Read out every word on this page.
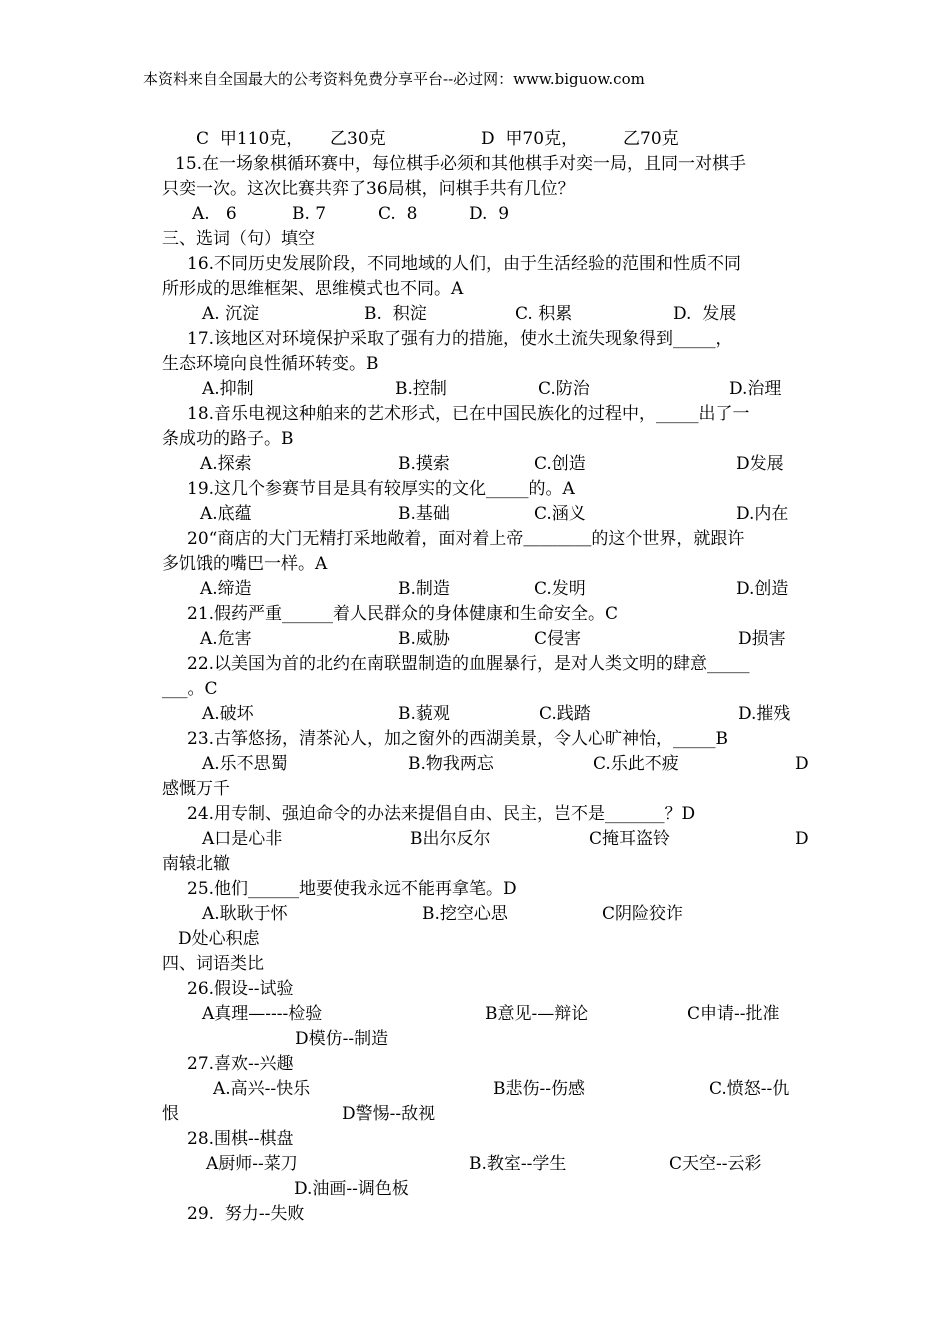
本资料来自全国最大的公考资料免费分享平台--必过网：www.biguow.com
C  甲110克， 乙30克	D  甲70克，	乙70克
15.在一场象棋循环赛中，每位棋手必须和其他棋手对奕一局，且同一对棋手
只奕一次。这次比赛共弈了36局棋，问棋手共有几位？
A.   6	B. 7	C.  8	D.  9
三、选词（句）填空
16.不同历史发展阶段，不同地域的人们，由于生活经验的范围和性质不同
所形成的思维框架、思维模式也不同。A
A. 沉淀	B.  积淀	C. 积累	D.  发展
17.该地区对环境保护采取了强有力的措施，使水土流失现象得到_____，
生态环境向良性循环转变。B
A.抑制	B.控制	C.防治	D.治理
18.音乐电视这种舶来的艺术形式，已在中国民族化的过程中，_____出了一
条成功的路子。B
A.探索	B.摸索	C.创造	D发展
19.这几个参赛节目是具有较厚实的文化_____的。A
A.底蕴	B.基础	C.涵义	D.内在
20“商店的大门无精打采地敞着，面对着上帝＿＿＿＿的这个世界，就跟许
多饥饿的嘴巴一样。A
A.缔造	B.制造	C.发明	D.创造
21.假药严重______着人民群众的身体健康和生命安全。C
A.危害	B.威胁	C侵害	D损害
22.以美国为首的北约在南联盟制造的血腥暴行，是对人类文明的肆意_____
___。C
A.破坏	B.藐观	C.践踏	D.摧残
23.古筝悠扬，清茶沁人，加之窗外的西湖美景，令人心旷神怡，_____B
A.乐不思蜀	B.物我两忘	C.乐此不疲	D
感慨万千
24.用专制、强迫命令的办法来提倡自由、民主，岂不是_______？D
A口是心非	B出尔反尔	C掩耳盗铃	D
南辕北辙
25.他们______地要使我永远不能再拿笔。D
A.耿耿于怀	B.挖空心思	C阴险狡诈
D处心积虑
四、词语类比
26.假设--试验
A真理—----检验	B意见-—辩论	C申请--批准
D模仿--制造
27.喜欢--兴趣
A.高兴--快乐	B悲伤--伤感	C.愤怒--仇
恨	D警惕--敌视
28.围棋--棋盘
A厨师--菜刀	B.教室--学生	C天空--云彩
D.油画--调色板
29.  努力--失败
